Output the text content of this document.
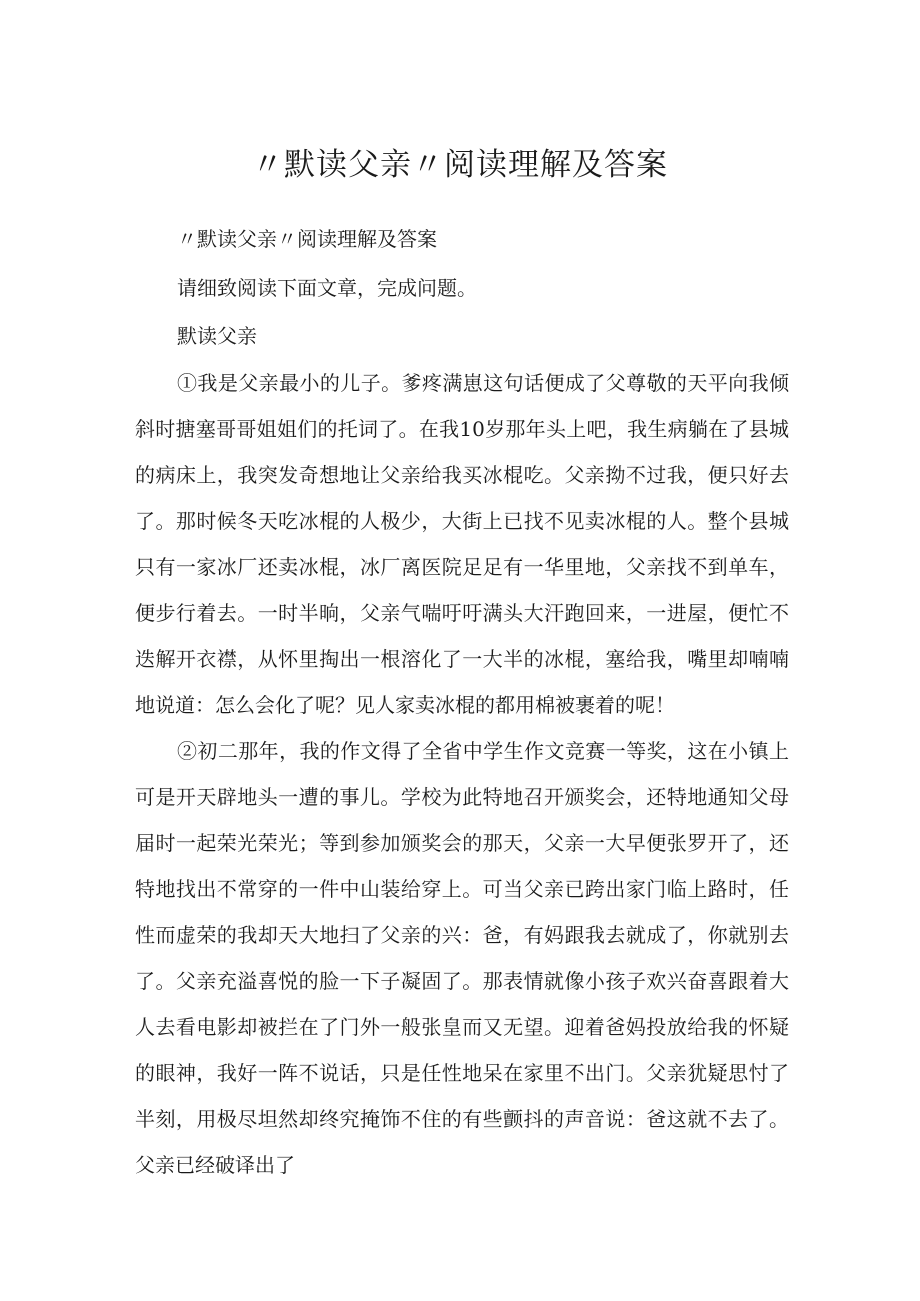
〃默读父亲〃阅读理解及答案

〃默读父亲〃阅读理解及答案

请细致阅读下面文章，完成问题。

默读父亲

①我是父亲最小的儿子。爹疼满崽这句话便成了父尊敬的天平向我倾斜时搪塞哥哥姐姐们的托词了。在我10岁那年头上吧，我生病躺在了县城的病床上，我突发奇想地让父亲给我买冰棍吃。父亲拗不过我，便只好去了。那时候冬天吃冰棍的人极少，大街上已找不见卖冰棍的人。整个县城只有一家冰厂还卖冰棍，冰厂离医院足足有一华里地，父亲找不到单车，便步行着去。一时半晌，父亲气喘吁吁满头大汗跑回来，一进屋，便忙不迭解开衣襟，从怀里掏出一根溶化了一大半的冰棍，塞给我，嘴里却喃喃地说道：怎么会化了呢？见人家卖冰棍的都用棉被裹着的呢！

②初二那年，我的作文得了全省中学生作文竞赛一等奖，这在小镇上可是开天辟地头一遭的事儿。学校为此特地召开颁奖会，还特地通知父母届时一起荣光荣光；等到参加颁奖会的那天，父亲一大早便张罗开了，还特地找出不常穿的一件中山装给穿上。可当父亲已跨出家门临上路时，任性而虚荣的我却天大地扫了父亲的兴：爸，有妈跟我去就成了，你就别去了。父亲充溢喜悦的脸一下子凝固了。那表情就像小孩子欢兴奋喜跟着大人去看电影却被拦在了门外一般张皇而又无望。迎着爸妈投放给我的怀疑的眼神，我好一阵不说话，只是任性地呆在家里不出门。父亲犹疑思忖了半刻，用极尽坦然却终究掩饰不住的有些颤抖的声音说：爸这就不去了。父亲已经破译出了
